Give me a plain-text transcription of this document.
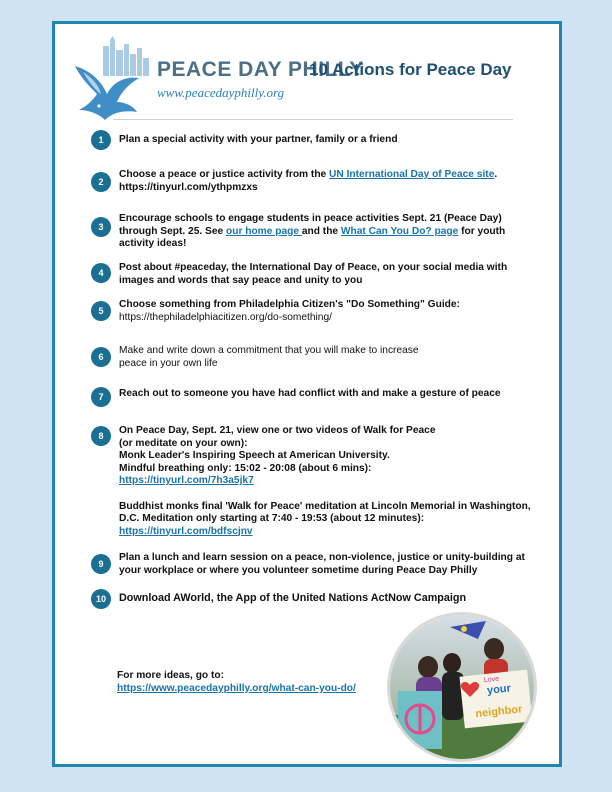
PEACE DAY PHILLY
www.peacedayphilly.org
10 Actions for Peace Day
1	Plan a special activity with your partner, family or a friend
2
Choose a peace or justice activity from the UN International Day of Peace site.
https://tinyurl.com/ythpmzxs
3
Encourage schools to engage students in peace activities Sept. 21 (Peace Day) through Sept. 25. See our home page and the What Can You Do? page for youth activity ideas!
4	Post about #peaceday, the International Day of Peace, on your social media with images and words that say peace and unity to you
5
Choose something from Philadelphia Citizen's "Do Something" Guide:
https://thephiladelphiacitizen.org/do-something/
6
Make and write down a commitment that you will make to increase
peace in your own life
7	Reach out to someone you have had conflict with and make a gesture of peace
8	On Peace Day, Sept. 21, view one or two videos of Walk for Peace
(or meditate on your own):
Monk Leader's Inspiring Speech at American University.
Mindful breathing only: 15:02 - 20:08 (about 6 mins):
https://tinyurl.com/7h3a5jk7
Buddhist monks final 'Walk for Peace' meditation at Lincoln Memorial in Washington, D.C. Meditation only starting at 7:40 - 19:53 (about 12 minutes):
https://tinyurl.com/bdfscjnv
9
Plan a lunch and learn session on a peace, non-violence, justice or unity-building at your workplace or where you volunteer sometime during Peace Day Philly
10	Download AWorld, the App of the United Nations ActNow Campaign
For more ideas, go to:
https://www.peacedayphilly.org/what-can-you-do/	your
neighbor
Love
